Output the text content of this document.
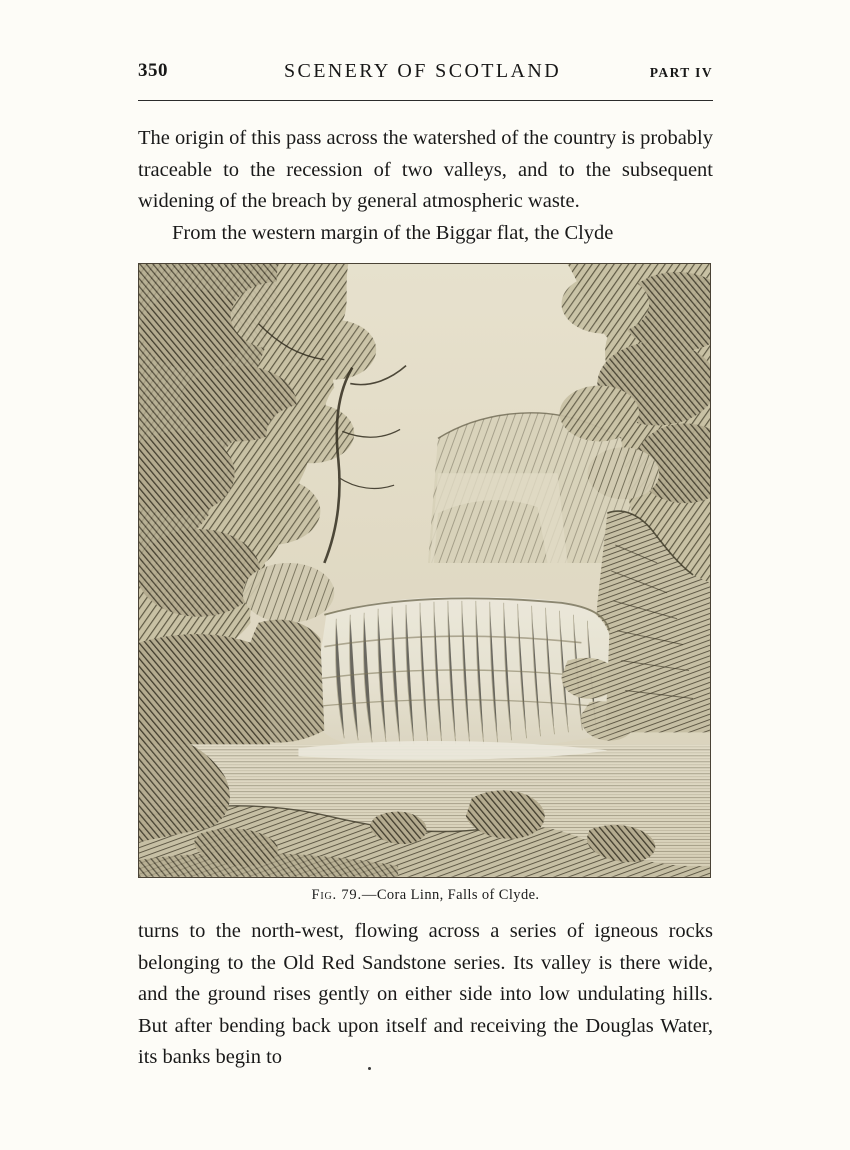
350	SCENERY OF SCOTLAND	PART IV

The origin of this pass across the watershed of the country is probably traceable to the recession of two valleys, and to the subsequent widening of the breach by general atmospheric waste.

From the western margin of the Biggar flat, the Clyde

Fig. 79.—Cora Linn, Falls of Clyde.

turns to the north-west, flowing across a series of igneous rocks belonging to the Old Red Sandstone series. Its valley is there wide, and the ground rises gently on either side into low undulating hills. But after bending back upon itself and receiving the Douglas Water, its banks begin to
